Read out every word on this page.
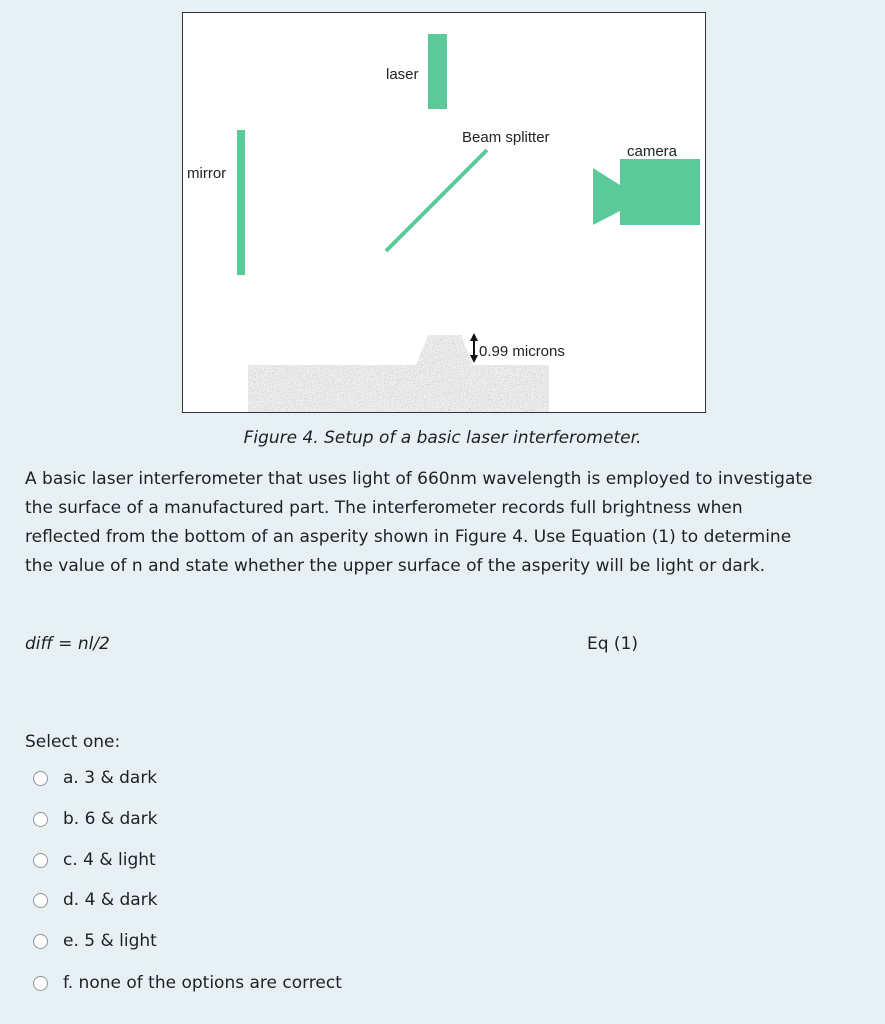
laser
Beam splitter
mirror
camera
0.99 microns
Figure 4. Setup of a basic laser interferometer.
A basic laser interferometer that uses light of 660nm wavelength is employed to investigate
the surface of a manufactured part. The interferometer records full brightness when
reflected from the bottom of an asperity shown in Figure 4. Use Equation (1) to determine
the value of n and state whether the upper surface of the asperity will be light or dark.
diff = nl/2	Eq (1)
Select one:
a. 3 & dark
b. 6 & dark
c. 4 & light
d. 4 & dark
e. 5 & light
f. none of the options are correct
